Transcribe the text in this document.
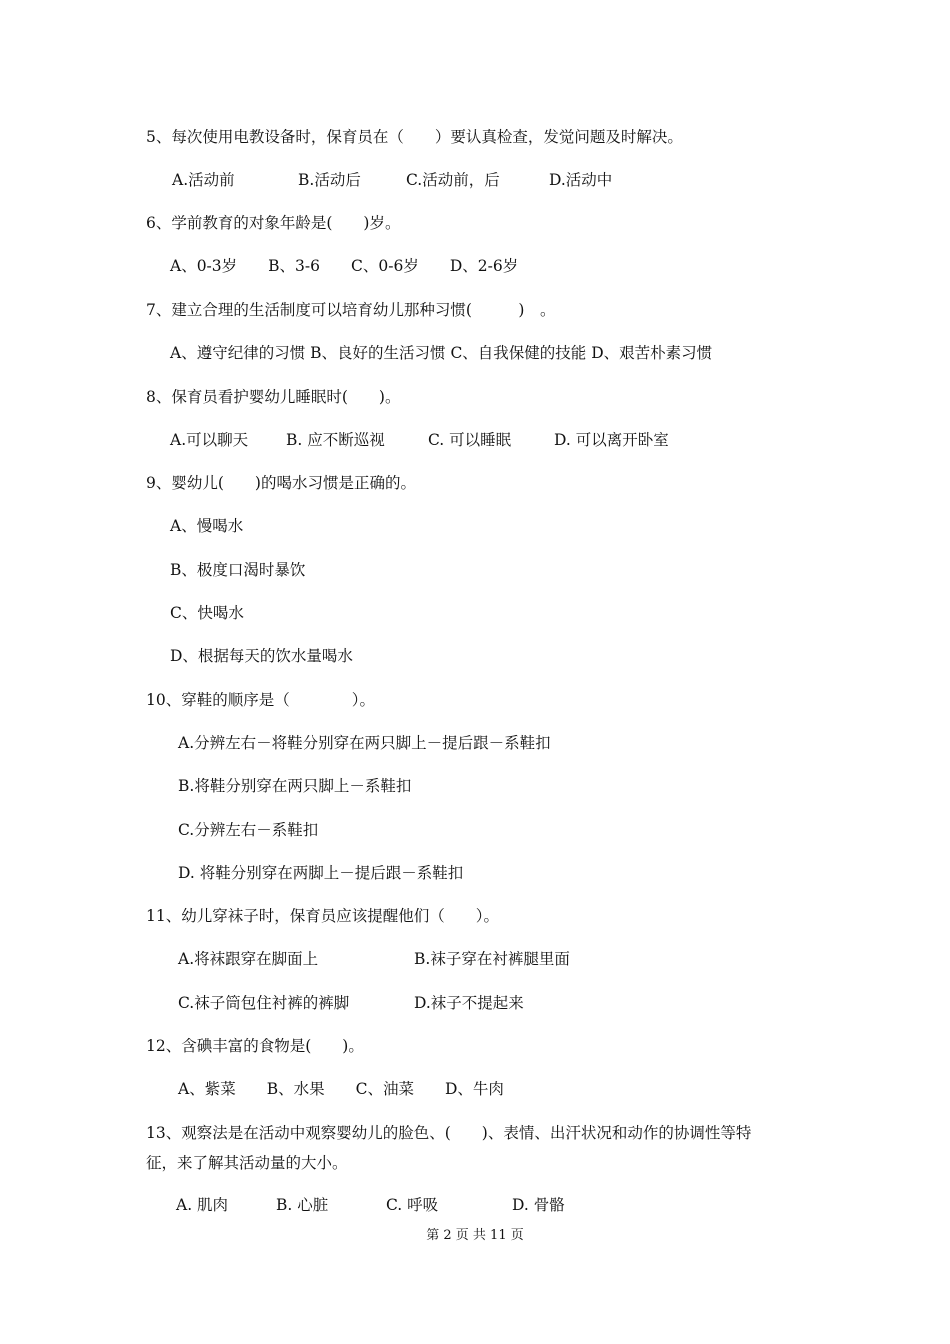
5、每次使用电教设备时，保育员在（　　）要认真检查，发觉问题及时解决。
A.活动前	B.活动后	C.活动前，后	D.活动中
6、学前教育的对象年龄是(　　)岁。
A、0-3岁　　B、3-6　　C、0-6岁　　D、2-6岁
7、建立合理的生活制度可以培育幼儿那种习惯(　　　)　。
A、遵守纪律的习惯 B、良好的生活习惯 C、自我保健的技能 D、艰苦朴素习惯
8、保育员看护婴幼儿睡眠时(　　)。
A.可以聊天 B. 应不断巡视	C. 可以睡眠	D. 可以离开卧室
9、婴幼儿(　　)的喝水习惯是正确的。
A、慢喝水
B、极度口渴时暴饮
C、快喝水
D、根据每天的饮水量喝水
10、穿鞋的顺序是（　　　　）。
A.分辨左右－将鞋分别穿在两只脚上－提后跟－系鞋扣
B.将鞋分别穿在两只脚上－系鞋扣
C.分辨左右－系鞋扣
D. 将鞋分别穿在两脚上－提后跟－系鞋扣
11、幼儿穿袜子时，保育员应该提醒他们（　　）。
A.将袜跟穿在脚面上	B.袜子穿在衬裤腿里面
C.袜子筒包住衬裤的裤脚	D.袜子不提起来
12、含碘丰富的食物是(　　)。
A、紫菜　　B、水果　　C、油菜　　D、牛肉
13、观察法是在活动中观察婴幼儿的脸色、(　　)、表情、出汗状况和动作的协调性等特
征，来了解其活动量的大小。
A. 肌肉	B. 心脏	C. 呼吸	D. 骨骼
第 2 页 共 11 页
